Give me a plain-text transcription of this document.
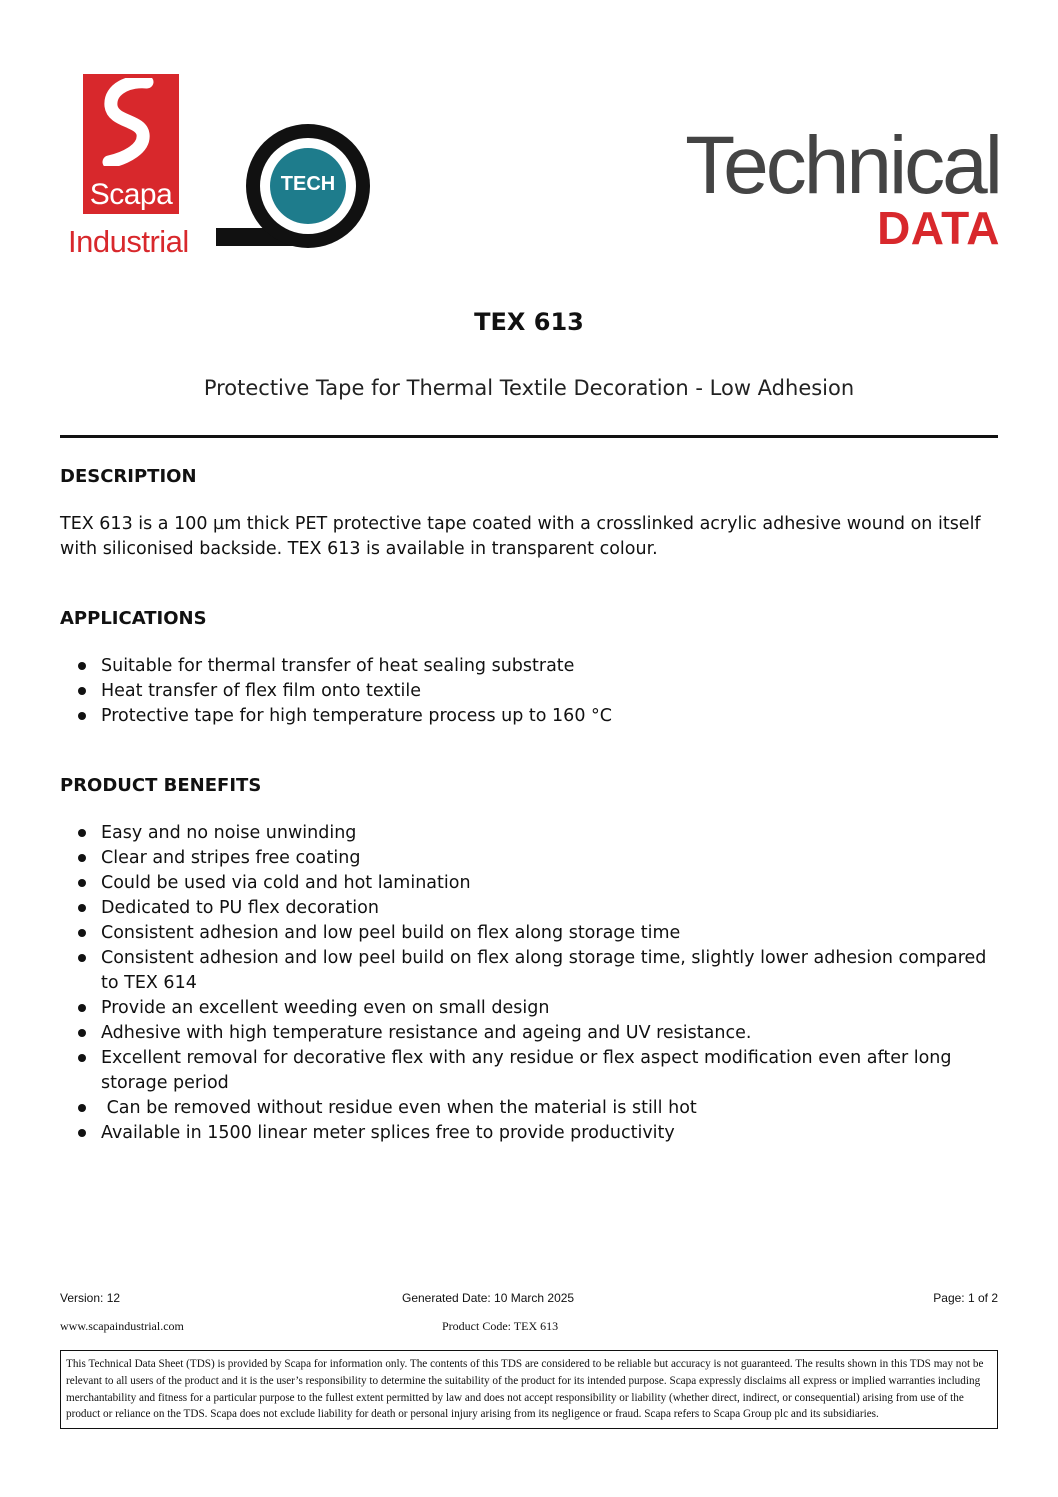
Scapa
Industrial
TECH	Technical
DATA
TEX 613
Protective Tape for Thermal Textile Decoration - Low Adhesion
DESCRIPTION

TEX 613 is a 100 µm thick PET protective tape coated with a crosslinked acrylic adhesive wound on itself with siliconised backside. TEX 613 is available in transparent colour.

APPLICATIONS
Suitable for thermal transfer of heat sealing substrate
Heat transfer of flex film onto textile
Protective tape for high temperature process up to 160 °C
PRODUCT BENEFITS
Easy and no noise unwinding
Clear and stripes free coating
Could be used via cold and hot lamination
Dedicated to PU flex decoration
Consistent adhesion and low peel build on flex along storage time
Consistent adhesion and low peel build on flex along storage time, slightly lower adhesion compared to TEX 614
Provide an excellent weeding even on small design
Adhesive with high temperature resistance and ageing and UV resistance.
Excellent removal for decorative flex with any residue or flex aspect modification even after long storage period
Can be removed without residue even when the material is still hot
Available in 1500 linear meter splices free to provide productivity
Version: 12	Generated Date: 10 March 2025	Page: 1 of 2
www.scapaindustrial.com	Product Code: TEX 613
This Technical Data Sheet (TDS) is provided by Scapa for information only. The contents of this TDS are considered to be reliable but accuracy is not guaranteed. The results shown in this TDS may not be relevant to all users of the product and it is the user’s responsibility to determine the suitability of the product for its intended purpose. Scapa expressly disclaims all express or implied warranties including merchantability and fitness for a particular purpose to the fullest extent permitted by law and does not accept responsibility or liability (whether direct, indirect, or consequential) arising from use of the product or reliance on the TDS. Scapa does not exclude liability for death or personal injury arising from its negligence or fraud. Scapa refers to Scapa Group plc and its subsidiaries.
